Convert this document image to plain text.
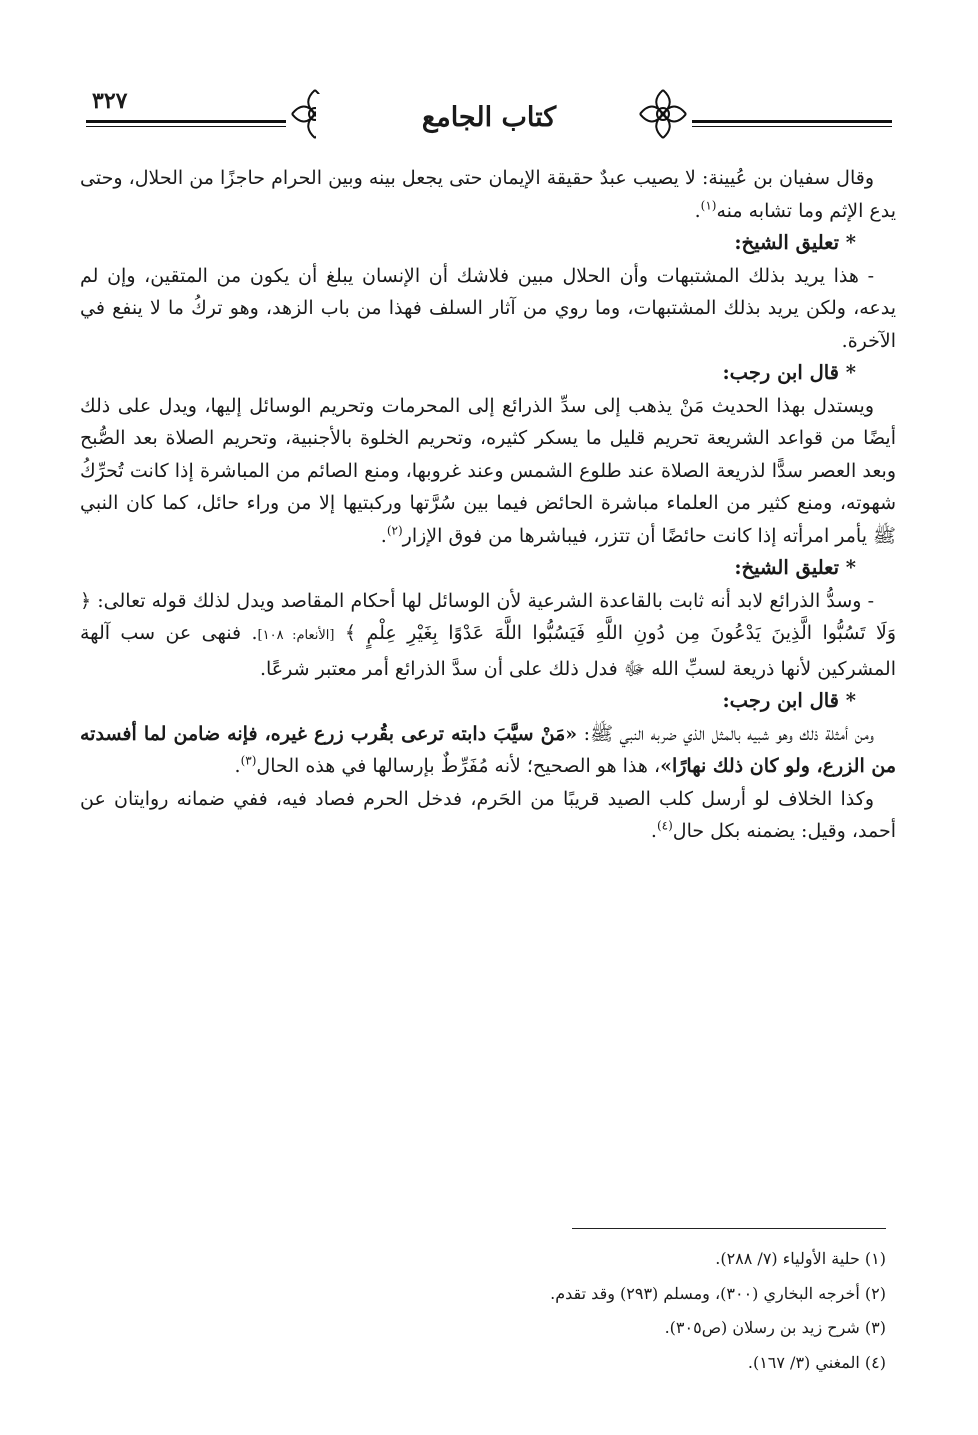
٣٢٧
كتاب الجامع

وقال سفيان بن عُيينة: لا يصيب عبدٌ حقيقة الإيمان حتى يجعل بينه وبين الحرام حاجزًا من الحلال، وحتى يدع الإثم وما تشابه منه$^{(١)}$.

* تعليق الشيخ:

- هذا يريد بذلك المشتبهات وأن الحلال مبين فلاشك أن الإنسان يبلغ أن يكون من المتقين، وإن لم يدعه، ولكن يريد بذلك المشتبهات، وما روي من آثار السلف فهذا من باب الزهد، وهو تركُ ما لا ينفع في الآخرة.

* قال ابن رجب:

ويستدل بهذا الحديث مَنْ يذهب إلى سدِّ الذرائع إلى المحرمات وتحريم الوسائل إليها، ويدل على ذلك أيضًا من قواعد الشريعة تحريم قليل ما يسكر كثيره، وتحريم الخلوة بالأجنبية، وتحريم الصلاة بعد الصُّبح وبعد العصر سدًّا لذريعة الصلاة عند طلوع الشمس وعند غروبها، ومنع الصائم من المباشرة إذا كانت تُحرِّكُ شهوته، ومنع كثير من العلماء مباشرة الحائض فيما بين سُرَّتها وركبتيها إلا من وراء حائل، كما كان النبي ﷺ يأمر امرأته إذا كانت حائضًا أن تتزر، فيباشرها من فوق الإزار$^{(٢)}$.

* تعليق الشيخ:

- وسدُّ الذرائع لابد أنه ثابت بالقاعدة الشرعية لأن الوسائل لها أحكام المقاصد ويدل لذلك قوله تعالى: ﴿ وَلَا تَسُبُّوا الَّذِينَ يَدْعُونَ مِن دُونِ اللَّهِ فَيَسُبُّوا اللَّهَ عَدْوًا بِغَيْرِ عِلْمٍ ﴾ [الأنعام: ١٠٨]. فنهى عن سب آلهة المشركين لأنها ذريعة لسبِّ الله ﷻ فدل ذلك على أن سدَّ الذرائع أمر معتبر شرعًا.

* قال ابن رجب:

ومن أمثلة ذلك وهو شبيه بالمثل الذي ضربه النبي ﷺ: «مَنْ سيَّبَ دابته ترعى بقُرب زرع غيره، فإنه ضامن لما أفسدته من الزرع، ولو كان ذلك نهارًا»، هذا هو الصحيح؛ لأنه مُفَرِّطٌ بإرسالها في هذه الحال$^{(٣)}$.

وكذا الخلاف لو أرسل كلب الصيد قريبًا من الحَرم، فدخل الحرم فصاد فيه، ففي ضمانه روايتان عن أحمد، وقيل: يضمنه بكل حال$^{(٤)}$.

(١) حلية الأولياء (٧/ ٢٨٨).
(٢) أخرجه البخاري (٣٠٠)، ومسلم (٢٩٣) وقد تقدم.
(٣) شرح زيد بن رسلان (ص٣٠٥).
(٤) المغني (٣/ ١٦٧).
